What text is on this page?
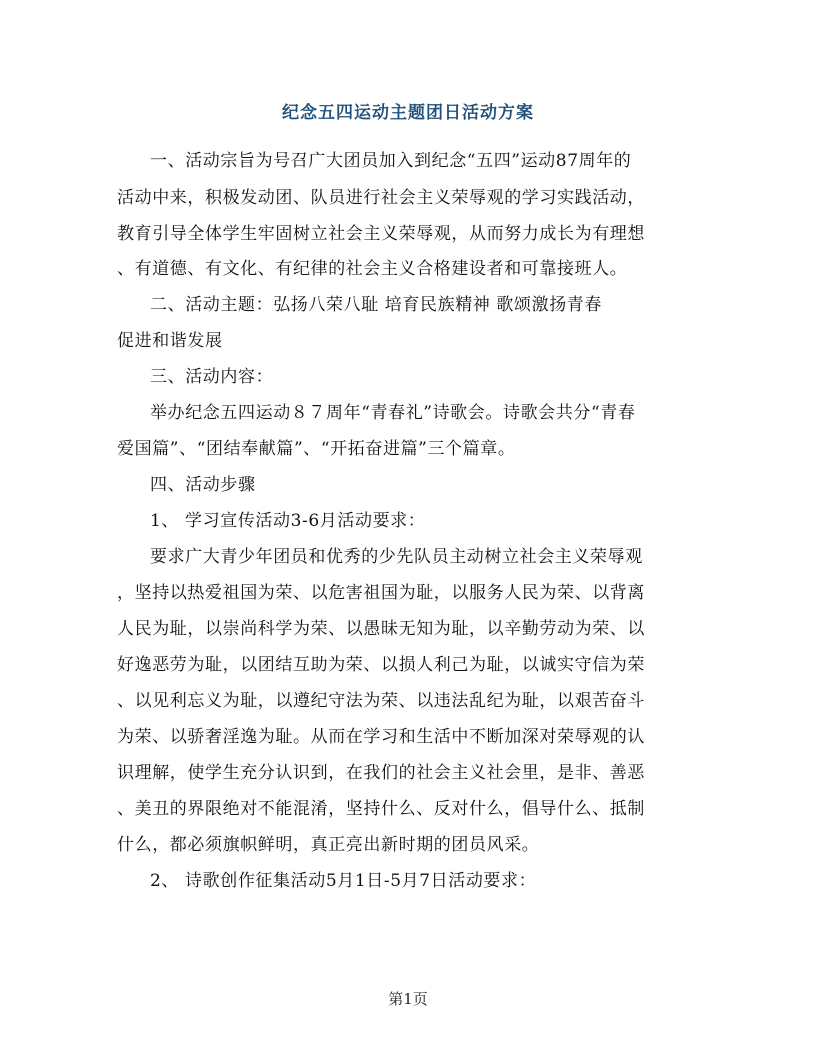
纪念五四运动主题团日活动方案
一、活动宗旨为号召广大团员加入到纪念“五四”运动87周年的
活动中来，积极发动团、队员进行社会主义荣辱观的学习实践活动，
教育引导全体学生牢固树立社会主义荣辱观，从而努力成长为有理想
、有道德、有文化、有纪律的社会主义合格建设者和可靠接班人。
二、活动主题：弘扬八荣八耻 培育民族精神 歌颂激扬青春
促进和谐发展
三、活动内容：
举办纪念五四运动８７周年“青春礼”诗歌会。诗歌会共分“青春
爱国篇”、“团结奉献篇”、“开拓奋进篇”三个篇章。
四、活动步骤
1、 学习宣传活动3-6月活动要求：
要求广大青少年团员和优秀的少先队员主动树立社会主义荣辱观
，坚持以热爱祖国为荣、以危害祖国为耻，以服务人民为荣、以背离
人民为耻，以崇尚科学为荣、以愚昧无知为耻，以辛勤劳动为荣、以
好逸恶劳为耻，以团结互助为荣、以损人利己为耻，以诚实守信为荣
、以见利忘义为耻，以遵纪守法为荣、以违法乱纪为耻，以艰苦奋斗
为荣、以骄奢淫逸为耻。从而在学习和生活中不断加深对荣辱观的认
识理解，使学生充分认识到，在我们的社会主义社会里，是非、善恶
、美丑的界限绝对不能混淆，坚持什么、反对什么，倡导什么、抵制
什么，都必须旗帜鲜明，真正亮出新时期的团员风采。
2、 诗歌创作征集活动5月1日-5月7日活动要求：
第1页
